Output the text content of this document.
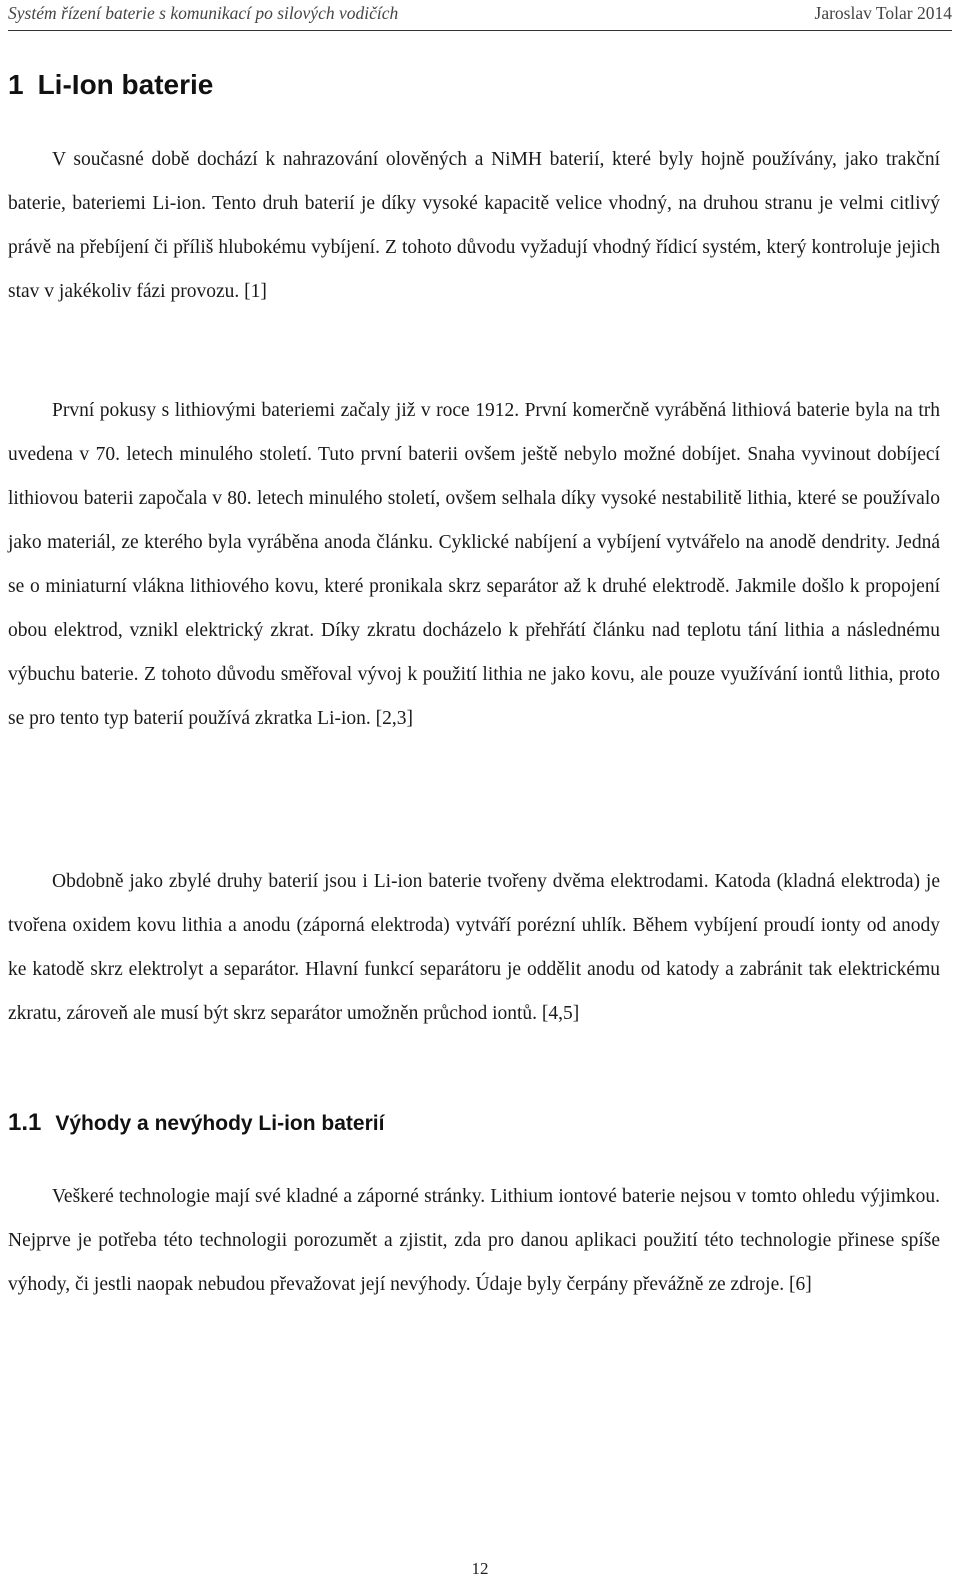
Systém řízení baterie s komunikací po silových vodičích	Jaroslav Tolar 2014
1 Li-Ion baterie

V současné době dochází k nahrazování olověných a NiMH baterií, které byly hojně používány, jako trakční baterie, bateriemi Li-ion. Tento druh baterií je díky vysoké kapacitě velice vhodný, na druhou stranu je velmi citlivý právě na přebíjení či příliš hlubokému vybíjení. Z tohoto důvodu vyžadují vhodný řídicí systém, který kontroluje jejich stav v jakékoliv fázi provozu. [1]

První pokusy s lithiovými bateriemi začaly již v roce 1912. První komerčně vyráběná lithiová baterie byla na trh uvedena v 70. letech minulého století. Tuto první baterii ovšem ještě nebylo možné dobíjet. Snaha vyvinout dobíjecí lithiovou baterii započala v 80. letech minulého století, ovšem selhala díky vysoké nestabilitě lithia, které se používalo jako materiál, ze kterého byla vyráběna anoda článku. Cyklické nabíjení a vybíjení vytvářelo na anodě dendrity. Jedná se o miniaturní vlákna lithiového kovu, které pronikala skrz separátor až k druhé elektrodě. Jakmile došlo k propojení obou elektrod, vznikl elektrický zkrat. Díky zkratu docházelo k přehřátí článku nad teplotu tání lithia a následnému výbuchu baterie. Z tohoto důvodu směřoval vývoj k použití lithia ne jako kovu, ale pouze využívání iontů lithia, proto se pro tento typ baterií používá zkratka Li-ion. [2,3]

Obdobně jako zbylé druhy baterií jsou i Li-ion baterie tvořeny dvěma elektrodami. Katoda (kladná elektroda) je tvořena oxidem kovu lithia a anodu (záporná elektroda) vytváří porézní uhlík. Během vybíjení proudí ionty od anody ke katodě skrz elektrolyt a separátor. Hlavní funkcí separátoru je oddělit anodu od katody a zabránit tak elektrickému zkratu, zároveň ale musí být skrz separátor umožněn průchod iontů. [4,5]

1.1 Výhody a nevýhody Li-ion baterií

Veškeré technologie mají své kladné a záporné stránky. Lithium iontové baterie nejsou v tomto ohledu výjimkou. Nejprve je potřeba této technologii porozumět a zjistit, zda pro danou aplikaci použití této technologie přinese spíše výhody, či jestli naopak nebudou převažovat její nevýhody. Údaje byly čerpány převážně ze zdroje. [6]

12
